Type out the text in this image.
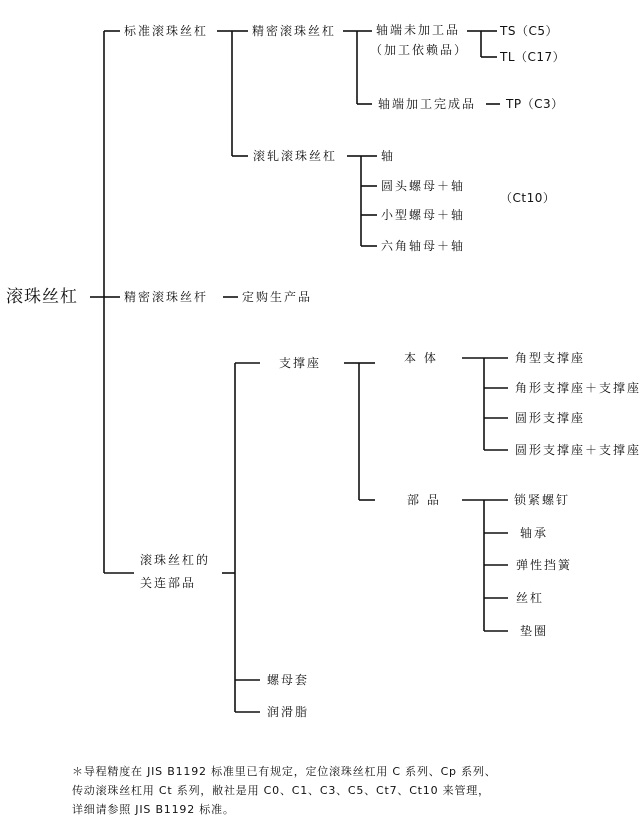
滚珠丝杠
标准滚珠丝杠	精密滚珠丝杠	轴端未加工品
（加工依赖品）
TS（C5）
TL（C17）
轴端加工完成品 TP（C3）
滚轧滚珠丝杠	轴
圆头螺母＋轴
小型螺母＋轴
六角轴母＋轴
（Ct10）
精密滚珠丝杆	定购生产品
滚珠丝杠的
关连部品
支撑座	本 体	角型支撑座
角形支撑座＋支撑座
圆形支撑座
圆形支撑座＋支撑座
部 品	锁紧螺钉
轴承
弹性挡簧
丝杠
垫圈
螺母套
润滑脂
＊导程精度在 JIS B1192 标准里已有规定，定位滚珠丝杠用 C 系列、Cp 系列、
传动滚珠丝杠用 Ct 系列，敝社是用 C0、C1、C3、C5、Ct7、Ct10 来管理，
详细请参照 JIS B1192 标准。
